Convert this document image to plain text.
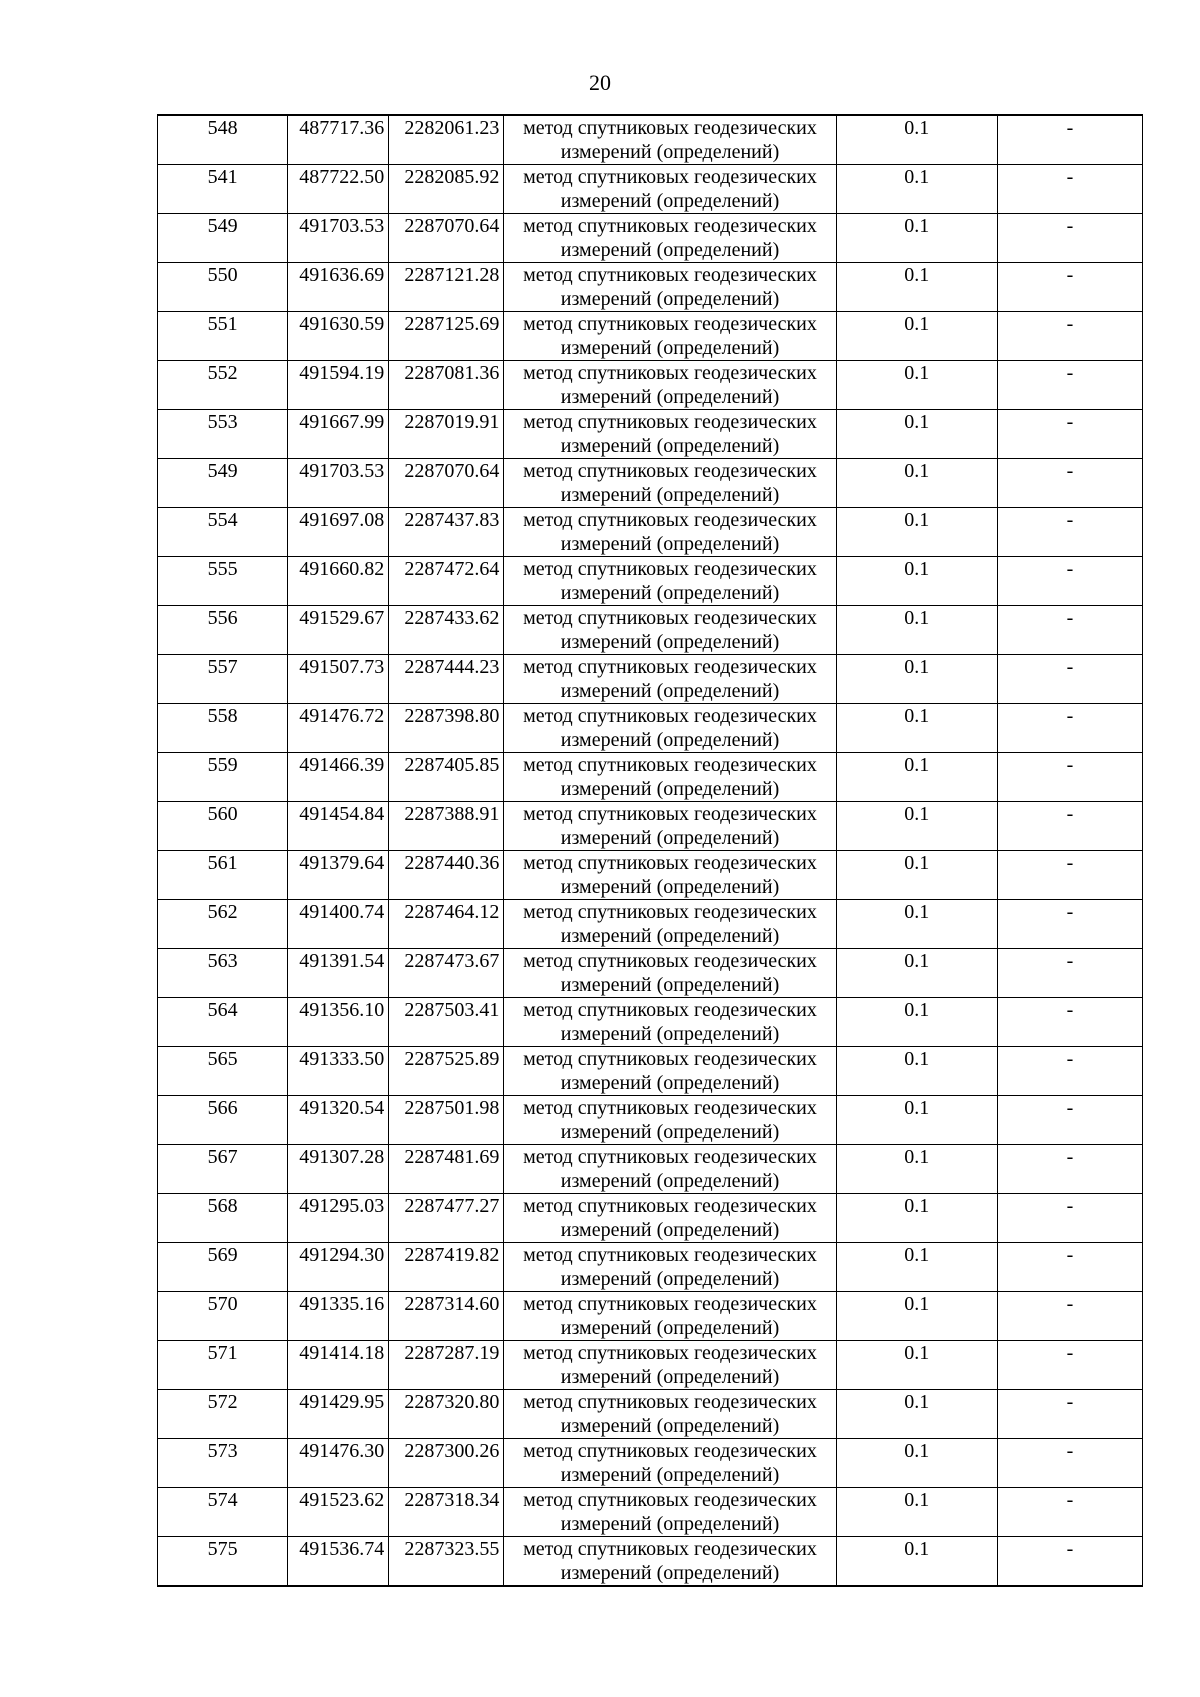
20
548	487717.36	2282061.23	метод спутниковых геодезических
измерений (определений)	0.1	-
541	487722.50	2282085.92	метод спутниковых геодезических
измерений (определений)	0.1	-
549	491703.53	2287070.64	метод спутниковых геодезических
измерений (определений)	0.1	-
550	491636.69	2287121.28	метод спутниковых геодезических
измерений (определений)	0.1	-
551	491630.59	2287125.69	метод спутниковых геодезических
измерений (определений)	0.1	-
552	491594.19	2287081.36	метод спутниковых геодезических
измерений (определений)	0.1	-
553	491667.99	2287019.91	метод спутниковых геодезических
измерений (определений)	0.1	-
549	491703.53	2287070.64	метод спутниковых геодезических
измерений (определений)	0.1	-
554	491697.08	2287437.83	метод спутниковых геодезических
измерений (определений)	0.1	-
555	491660.82	2287472.64	метод спутниковых геодезических
измерений (определений)	0.1	-
556	491529.67	2287433.62	метод спутниковых геодезических
измерений (определений)	0.1	-
557	491507.73	2287444.23	метод спутниковых геодезических
измерений (определений)	0.1	-
558	491476.72	2287398.80	метод спутниковых геодезических
измерений (определений)	0.1	-
559	491466.39	2287405.85	метод спутниковых геодезических
измерений (определений)	0.1	-
560	491454.84	2287388.91	метод спутниковых геодезических
измерений (определений)	0.1	-
561	491379.64	2287440.36	метод спутниковых геодезических
измерений (определений)	0.1	-
562	491400.74	2287464.12	метод спутниковых геодезических
измерений (определений)	0.1	-
563	491391.54	2287473.67	метод спутниковых геодезических
измерений (определений)	0.1	-
564	491356.10	2287503.41	метод спутниковых геодезических
измерений (определений)	0.1	-
565	491333.50	2287525.89	метод спутниковых геодезических
измерений (определений)	0.1	-
566	491320.54	2287501.98	метод спутниковых геодезических
измерений (определений)	0.1	-
567	491307.28	2287481.69	метод спутниковых геодезических
измерений (определений)	0.1	-
568	491295.03	2287477.27	метод спутниковых геодезических
измерений (определений)	0.1	-
569	491294.30	2287419.82	метод спутниковых геодезических
измерений (определений)	0.1	-
570	491335.16	2287314.60	метод спутниковых геодезических
измерений (определений)	0.1	-
571	491414.18	2287287.19	метод спутниковых геодезических
измерений (определений)	0.1	-
572	491429.95	2287320.80	метод спутниковых геодезических
измерений (определений)	0.1	-
573	491476.30	2287300.26	метод спутниковых геодезических
измерений (определений)	0.1	-
574	491523.62	2287318.34	метод спутниковых геодезических
измерений (определений)	0.1	-
575	491536.74	2287323.55	метод спутниковых геодезических
измерений (определений)	0.1	-
